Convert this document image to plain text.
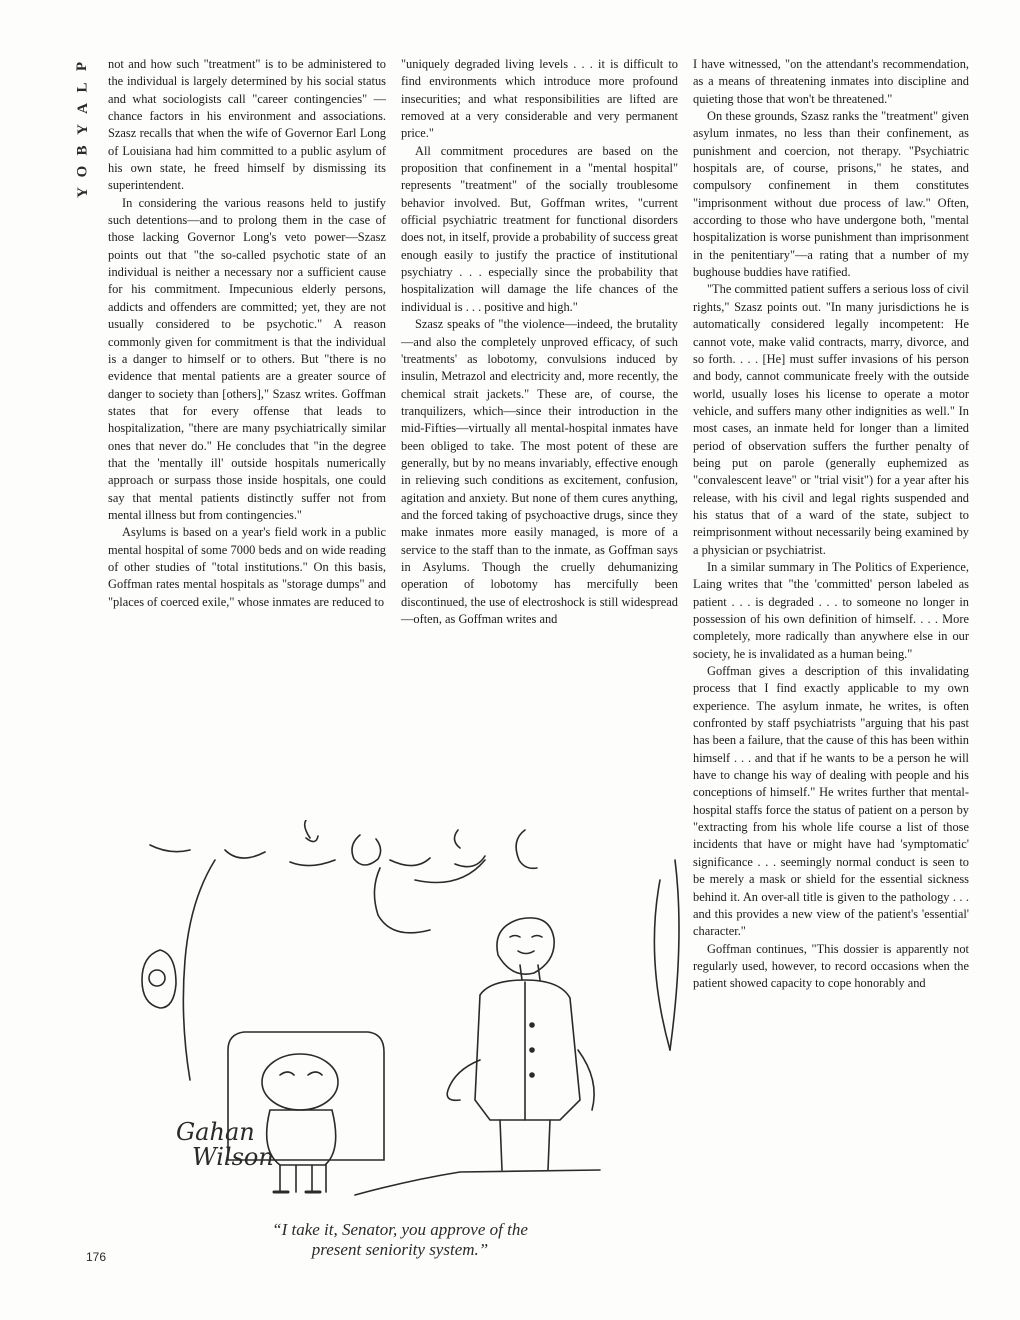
P
L
A
Y
B
O
Y

not and how such "treatment" is to be administered to the individual is largely determined by his social status and what sociologists call "career contingencies" —chance factors in his environment and associations. Szasz recalls that when the wife of Governor Earl Long of Louisiana had him committed to a public asylum of his own state, he freed himself by dismissing its superintendent.

In considering the various reasons held to justify such detentions—and to prolong them in the case of those lacking Governor Long's veto power—Szasz points out that "the so-called psychotic state of an individual is neither a necessary nor a sufficient cause for his commitment. Impecunious elderly persons, addicts and offenders are committed; yet, they are not usually considered to be psychotic." A reason commonly given for commitment is that the individual is a danger to himself or to others. But "there is no evidence that mental patients are a greater source of danger to society than [others]," Szasz writes. Goffman states that for every offense that leads to hospitalization, "there are many psychiatrically similar ones that never do." He concludes that "in the degree that the 'mentally ill' outside hospitals numerically approach or surpass those inside hospitals, one could say that mental patients distinctly suffer not from mental illness but from contingencies."

Asylums is based on a year's field work in a public mental hospital of some 7000 beds and on wide reading of other studies of "total institutions." On this basis, Goffman rates mental hospitals as "storage dumps" and "places of coerced exile," whose inmates are reduced to

"uniquely degraded living levels . . . it is difficult to find environments which introduce more profound insecurities; and what responsibilities are lifted are removed at a very considerable and very permanent price."

All commitment procedures are based on the proposition that confinement in a "mental hospital" represents "treatment" of the socially troublesome behavior involved. But, Goffman writes, "current official psychiatric treatment for functional disorders does not, in itself, provide a probability of success great enough easily to justify the practice of institutional psychiatry . . . especially since the probability that hospitalization will damage the life chances of the individual is . . . positive and high."

Szasz speaks of "the violence—indeed, the brutality—and also the completely unproved efficacy, of such 'treatments' as lobotomy, convulsions induced by insulin, Metrazol and electricity and, more recently, the chemical strait jackets." These are, of course, the tranquilizers, which—since their introduction in the mid-Fifties—virtually all mental-hospital inmates have been obliged to take. The most potent of these are generally, but by no means invariably, effective enough in relieving such conditions as excitement, confusion, agitation and anxiety. But none of them cures anything, and the forced taking of psychoactive drugs, since they make inmates more easily managed, is more of a service to the staff than to the inmate, as Goffman says in Asylums. Though the cruelly dehumanizing operation of lobotomy has mercifully been discontinued, the use of electroshock is still widespread—often, as Goffman writes and

I have witnessed, "on the attendant's recommendation, as a means of threatening inmates into discipline and quieting those that won't be threatened."

On these grounds, Szasz ranks the "treatment" given asylum inmates, no less than their confinement, as punishment and coercion, not therapy. "Psychiatric hospitals are, of course, prisons," he states, and compulsory confinement in them constitutes "imprisonment without due process of law." Often, according to those who have undergone both, "mental hospitalization is worse punishment than imprisonment in the penitentiary"—a rating that a number of my bughouse buddies have ratified.

"The committed patient suffers a serious loss of civil rights," Szasz points out. "In many jurisdictions he is automatically considered legally incompetent: He cannot vote, make valid contracts, marry, divorce, and so forth. . . . [He] must suffer invasions of his person and body, cannot communicate freely with the outside world, usually loses his license to operate a motor vehicle, and suffers many other indignities as well." In most cases, an inmate held for longer than a limited period of observation suffers the further penalty of being put on parole (generally euphemized as "convalescent leave" or "trial visit") for a year after his release, with his civil and legal rights suspended and his status that of a ward of the state, subject to reimprisonment without necessarily being examined by a physician or psychiatrist.

In a similar summary in The Politics of Experience, Laing writes that "the 'committed' person labeled as patient . . . is degraded . . . to someone no longer in possession of his own definition of himself. . . . More completely, more radically than anywhere else in our society, he is invalidated as a human being."

Goffman gives a description of this invalidating process that I find exactly applicable to my own experience. The asylum inmate, he writes, is often confronted by staff psychiatrists "arguing that his past has been a failure, that the cause of this has been within himself . . . and that if he wants to be a person he will have to change his way of dealing with people and his conceptions of himself." He writes further that mental-hospital staffs force the status of patient on a person by "extracting from his whole life course a list of those incidents that have or might have had 'symptomatic' significance . . . seemingly normal conduct is seen to be merely a mask or shield for the essential sickness behind it. An over-all title is given to the pathology . . . and this provides a new view of the patient's 'essential' character."

Goffman continues, "This dossier is apparently not regularly used, however, to record occasions when the patient showed capacity to cope honorably and

Gahan
Wilson
“I take it, Senator, you approve of the
present seniority system.”
176
